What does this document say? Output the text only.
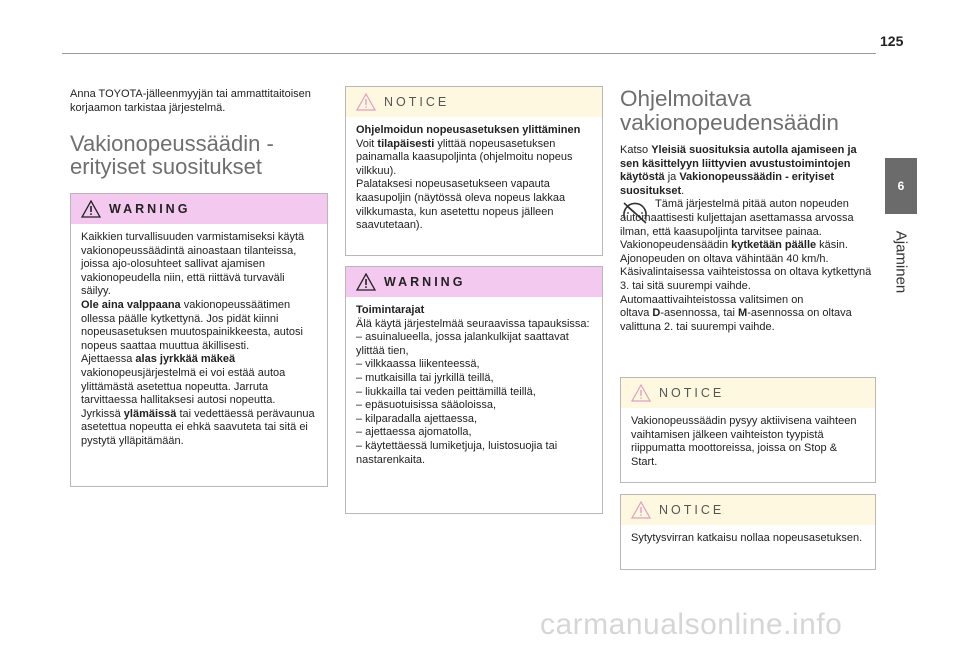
125
6
Ajaminen

Anna TOYOTA-jälleenmyyjän tai ammattitaitoisen korjaamon tarkistaa järjestelmä.

Vakionopeussäädin -
erityiset suositukset
WARNING

Kaikkien turvallisuuden varmistamiseksi käytä vakionopeussäädintä ainoastaan tilanteissa, joissa ajo-olosuhteet sallivat ajamisen vakionopeudella niin, että riittävä turvaväli säilyy.

Ole aina valppaana vakionopeussäätimen ollessa päälle kytkettynä. Jos pidät kiinni nopeusasetuksen muutospainikkeesta, autosi nopeus saattaa muuttua äkillisesti.

Ajettaessa alas jyrkkää mäkeä vakionopeusjärjestelmä ei voi estää autoa ylittämästä asetettua nopeutta. Jarruta tarvittaessa hallitaksesi autosi nopeutta.

Jyrkissä ylämäissä tai vedettäessä perävaunua asetettua nopeutta ei ehkä saavuteta tai sitä ei pystytä ylläpitämään.

NOTICE

Ohjelmoidun nopeusasetuksen ylittäminen

Voit tilapäisesti ylittää nopeusasetuksen painamalla kaasupoljinta (ohjelmoitu nopeus vilkkuu).

Palataksesi nopeusasetukseen vapauta kaasupoljin (näytössä oleva nopeus lakkaa vilkkumasta, kun asetettu nopeus jälleen saavutetaan).

WARNING

Toimintarajat

Älä käytä järjestelmää seuraavissa tapauksissa:

– asuinalueella, jossa jalankulkijat saattavat ylittää tien,

– vilkkaassa liikenteessä,

– mutkaisilla tai jyrkillä teillä,

– liukkailla tai veden peittämillä teillä,

– epäsuotuisissa sääoloissa,

– kilparadalla ajettaessa,

– ajettaessa ajomatolla,

– käytettäessä lumiketjuja, luistosuojia tai nastarenkaita.

Ohjelmoitava
vakionopeudensäädin

Katso Yleisiä suosituksia autolla ajamiseen ja sen käsittelyyn liittyvien avustustoimintojen käytöstä ja Vakionopeussäädin - erityiset suositukset.

Tämä järjestelmä pitää auton nopeuden automaattisesti kuljettajan asettamassa arvossa ilman, että kaasupoljinta tarvitsee painaa.

Vakionopeudensäädin kytketään päälle käsin.

Ajonopeuden on oltava vähintään 40 km/h.

Käsivalintaisessa vaihteistossa on oltava kytkettynä 3. tai sitä suurempi vaihde.

Automaattivaihteistossa valitsimen on
oltava D-asennossa, tai M-asennossa on oltava valittuna 2. tai suurempi vaihde.

NOTICE
Vakionopeussäädin pysyy aktiivisena vaihteen vaihtamisen jälkeen vaihteiston tyypistä riippumatta moottoreissa, joissa on Stop & Start.
NOTICE
Sytytysvirran katkaisu nollaa nopeusasetuksen.
carmanualsonline.info
